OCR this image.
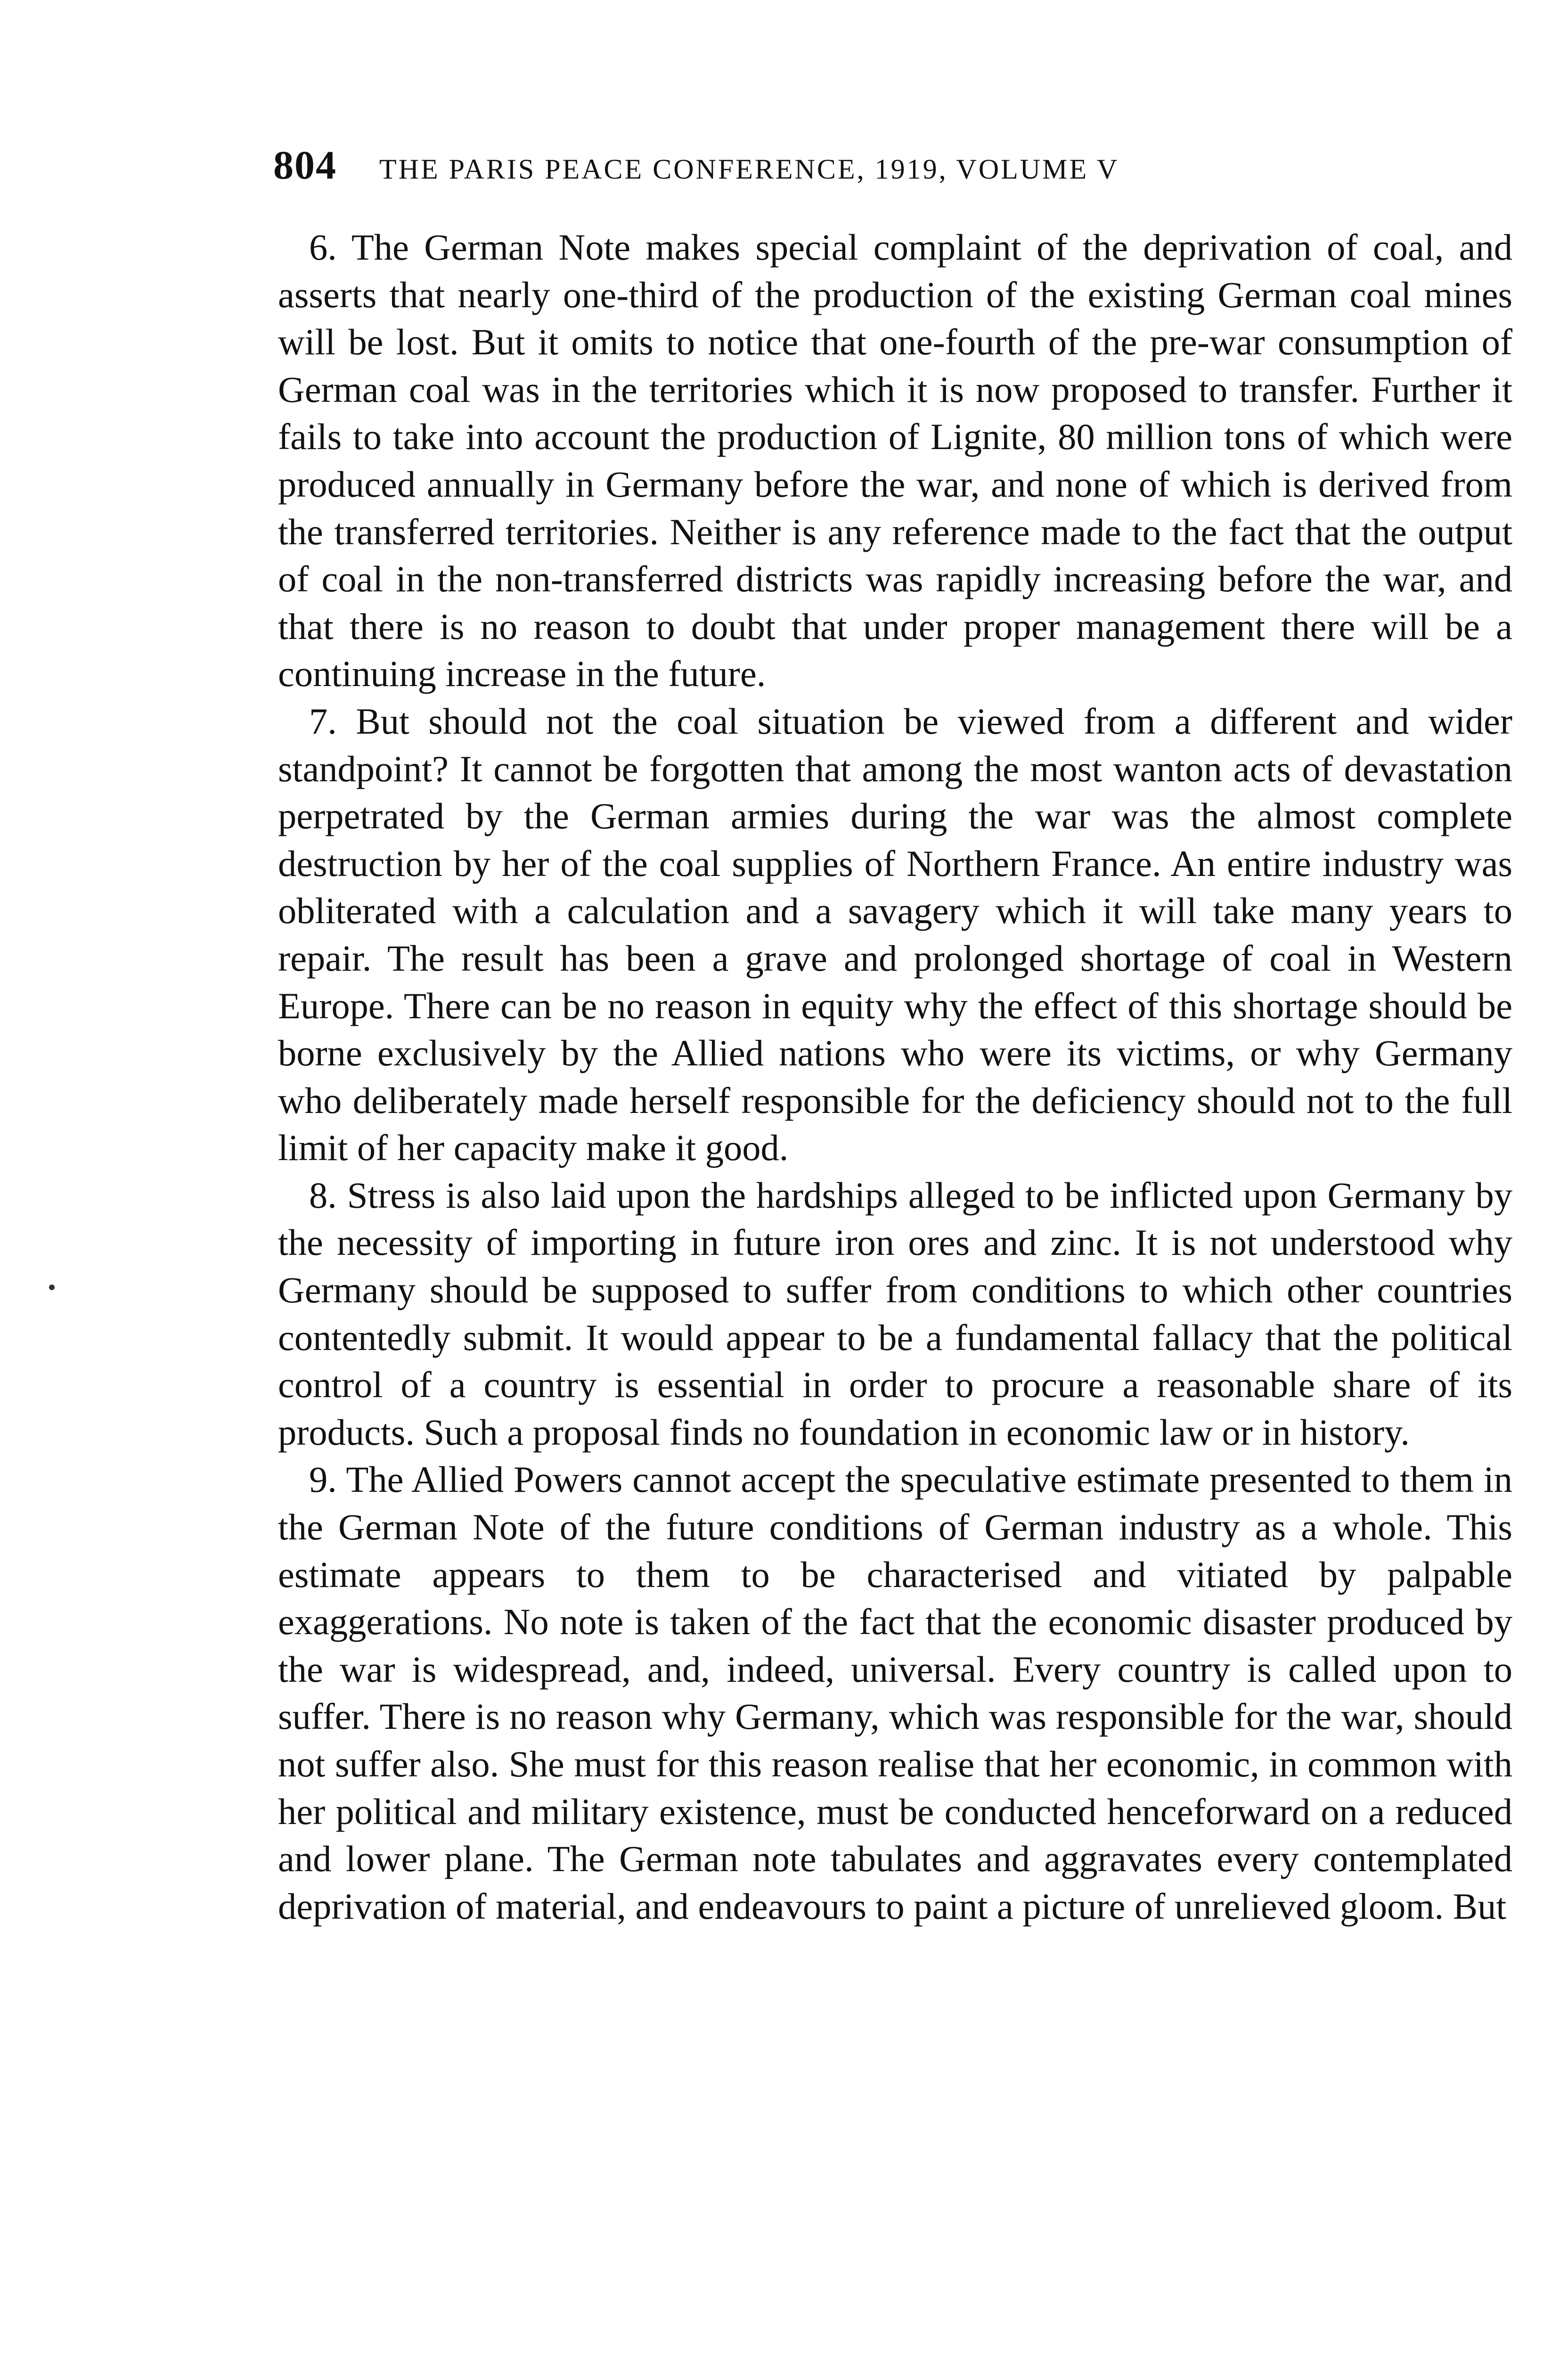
804 THE PARIS PEACE CONFERENCE, 1919, VOLUME V

6. The German Note makes special complaint of the deprivation of coal, and asserts that nearly one-third of the production of the existing German coal mines will be lost. But it omits to notice that one-fourth of the pre-war consumption of German coal was in the territories which it is now proposed to transfer. Further it fails to take into account the production of Lignite, 80 million tons of which were produced annually in Germany before the war, and none of which is derived from the transferred territories. Neither is any reference made to the fact that the output of coal in the non-transferred districts was rapidly increasing before the war, and that there is no reason to doubt that under proper management there will be a continuing increase in the future.

7. But should not the coal situation be viewed from a different and wider standpoint? It cannot be forgotten that among the most wanton acts of devastation perpetrated by the German armies during the war was the almost complete destruction by her of the coal supplies of Northern France. An entire industry was obliterated with a calculation and a savagery which it will take many years to repair. The result has been a grave and prolonged shortage of coal in Western Europe. There can be no reason in equity why the effect of this shortage should be borne exclusively by the Allied nations who were its victims, or why Germany who deliberately made herself responsible for the deficiency should not to the full limit of her capacity make it good.

8. Stress is also laid upon the hardships alleged to be inflicted upon Germany by the necessity of importing in future iron ores and zinc. It is not understood why Germany should be supposed to suffer from conditions to which other countries contentedly submit. It would appear to be a fundamental fallacy that the political control of a country is essential in order to procure a reasonable share of its products. Such a proposal finds no foundation in economic law or in history.

9. The Allied Powers cannot accept the speculative estimate presented to them in the German Note of the future conditions of German industry as a whole. This estimate appears to them to be characterised and vitiated by palpable exaggerations. No note is taken of the fact that the economic disaster produced by the war is widespread, and, indeed, universal. Every country is called upon to suffer. There is no reason why Germany, which was responsible for the war, should not suffer also. She must for this reason realise that her economic, in common with her political and military existence, must be conducted henceforward on a reduced and lower plane. The German note tabulates and aggravates every contemplated deprivation of material, and endeavours to paint a picture of unrelieved gloom. But
